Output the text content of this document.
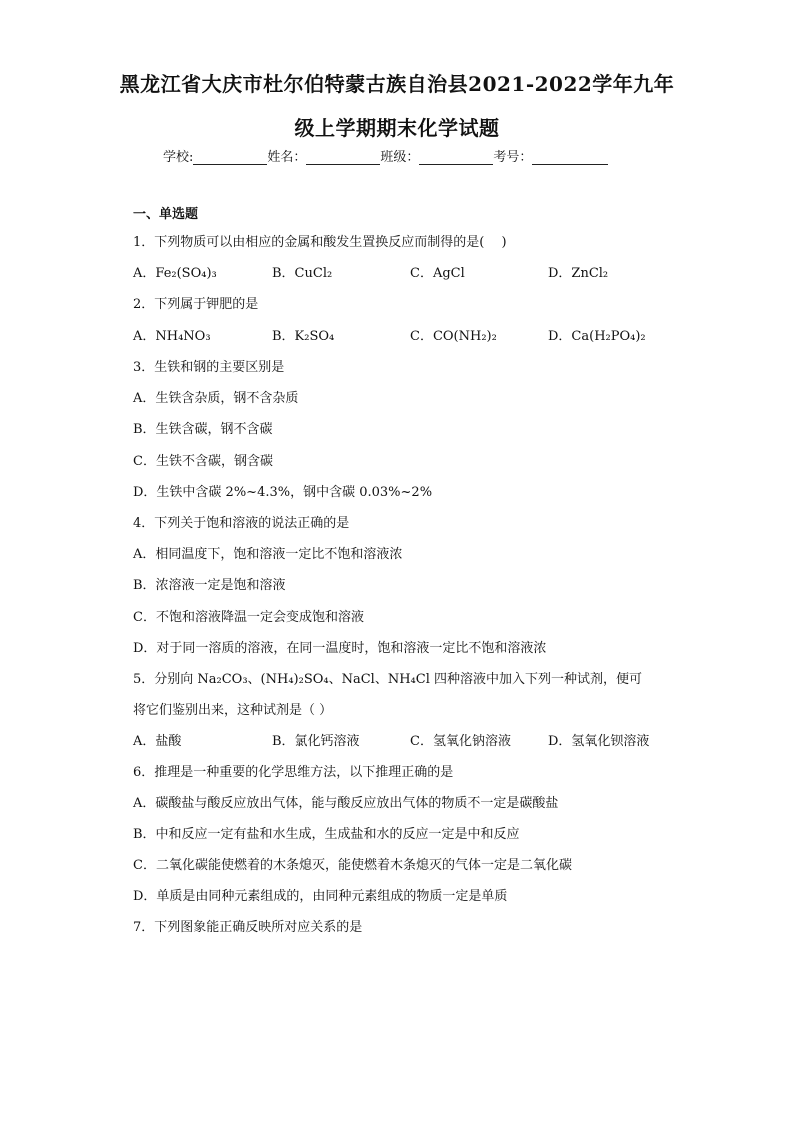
黑龙江省大庆市杜尔伯特蒙古族自治县2021-2022学年九年
级上学期期末化学试题
学校:	姓名：	班级：	考号：
一、单选题
1．下列物质可以由相应的金属和酸发生置换反应而制得的是(　 )
A．Fe₂(SO₄)₃	B．CuCl₂	C．AgCl	D．ZnCl₂
2．下列属于钾肥的是
A．NH₄NO₃	B．K₂SO₄	C．CO(NH₂)₂	D．Ca(H₂PO₄)₂
3．生铁和钢的主要区别是
A．生铁含杂质，钢不含杂质
B．生铁含碳，钢不含碳
C．生铁不含碳，钢含碳
D．生铁中含碳 2%~4.3%，钢中含碳 0.03%~2%
4．下列关于饱和溶液的说法正确的是
A．相同温度下，饱和溶液一定比不饱和溶液浓
B．浓溶液一定是饱和溶液
C．不饱和溶液降温一定会变成饱和溶液
D．对于同一溶质的溶液，在同一温度时，饱和溶液一定比不饱和溶液浓
5．分别向 Na₂CO₃、(NH₄)₂SO₄、NaCl、NH₄Cl 四种溶液中加入下列一种试剂，便可
将它们鉴别出来，这种试剂是（ ）
A．盐酸	B．氯化钙溶液	C．氢氧化钠溶液	D．氢氧化钡溶液
6．推理是一种重要的化学思维方法，以下推理正确的是
A．碳酸盐与酸反应放出气体，能与酸反应放出气体的物质不一定是碳酸盐
B．中和反应一定有盐和水生成，生成盐和水的反应一定是中和反应
C．二氧化碳能使燃着的木条熄灭，能使燃着木条熄灭的气体一定是二氧化碳
D．单质是由同种元素组成的，由同种元素组成的物质一定是单质
7．下列图象能正确反映所对应关系的是
